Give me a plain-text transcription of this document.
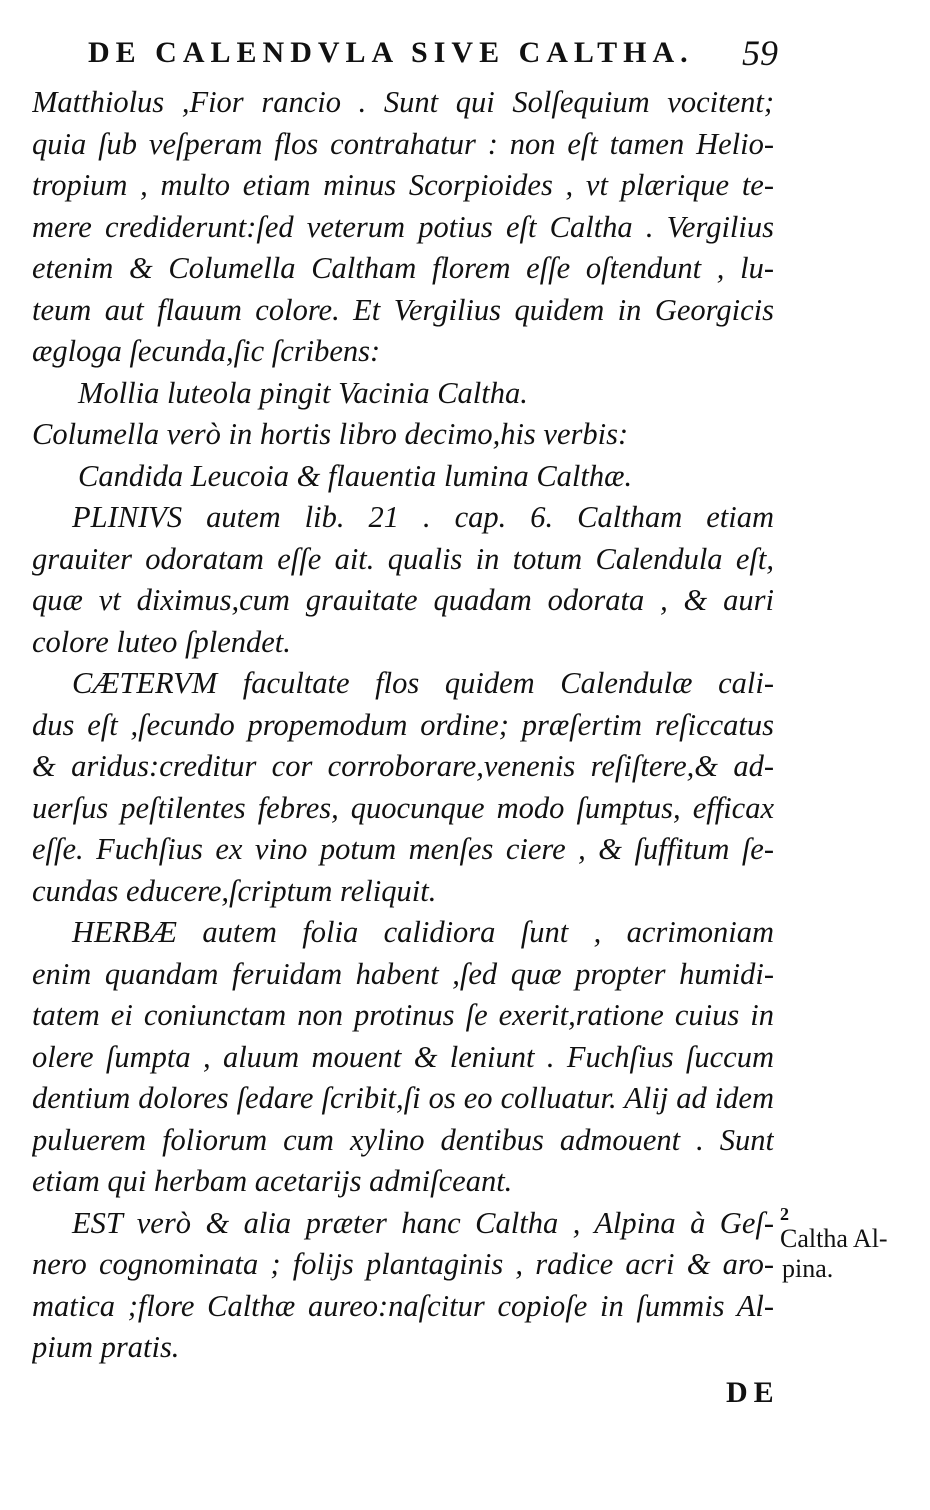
DE CALENDVLA SIVE CALTHA. 59
Matthiolus ,Fior rancio . Sunt qui Solſequium vocitent;
quia ſub veſperam flos contrahatur : non eſt tamen Helio-
tropium , multo etiam minus Scorpioides , vt plærique te-
mere crediderunt:ſed veterum potius eſt Caltha . Vergilius
etenim & Columella Caltham florem eſſe oſtendunt , lu-
teum aut flauum colore. Et Vergilius quidem in Georgicis
ægloga ſecunda,ſic ſcribens:
Mollia luteola pingit Vacinia Caltha.
Columella verò in hortis libro decimo,his verbis:
Candida Leucoia & flauentia lumina Calthæ.
PLINIVS autem lib. 21 . cap. 6. Caltham etiam
grauiter odoratam eſſe ait. qualis in totum Calendula eſt,
quæ vt diximus,cum grauitate quadam odorata , & auri
colore luteo ſplendet.
CÆTERVM facultate flos quidem Calendulæ cali-
dus eſt ,ſecundo propemodum ordine; præſertim reſiccatus
& aridus:creditur cor corroborare,venenis reſiſtere,& ad-
uerſus peſtilentes febres, quocunque modo ſumptus, efficax
eſſe. Fuchſius ex vino potum menſes ciere , & ſuffitum ſe-
cundas educere,ſcriptum reliquit.
HERBÆ autem folia calidiora ſunt , acrimoniam
enim quandam feruidam habent ,ſed quæ propter humidi-
tatem ei coniunctam non protinus ſe exerit,ratione cuius in
olere ſumpta , aluum mouent & leniunt . Fuchſius ſuccum
dentium dolores ſedare ſcribit,ſi os eo colluatur. Alij ad idem
puluerem foliorum cum xylino dentibus admouent . Sunt
etiam qui herbam acetarijs admiſceant.
EST verò & alia præter hanc Caltha , Alpina à Geſ-
nero cognominata ; folijs plantaginis , radice acri & aro-
matica ;flore Calthæ aureo:naſcitur copioſe in ſummis Al-
pium pratis.
2
Caltha Al-
pina.
DE
